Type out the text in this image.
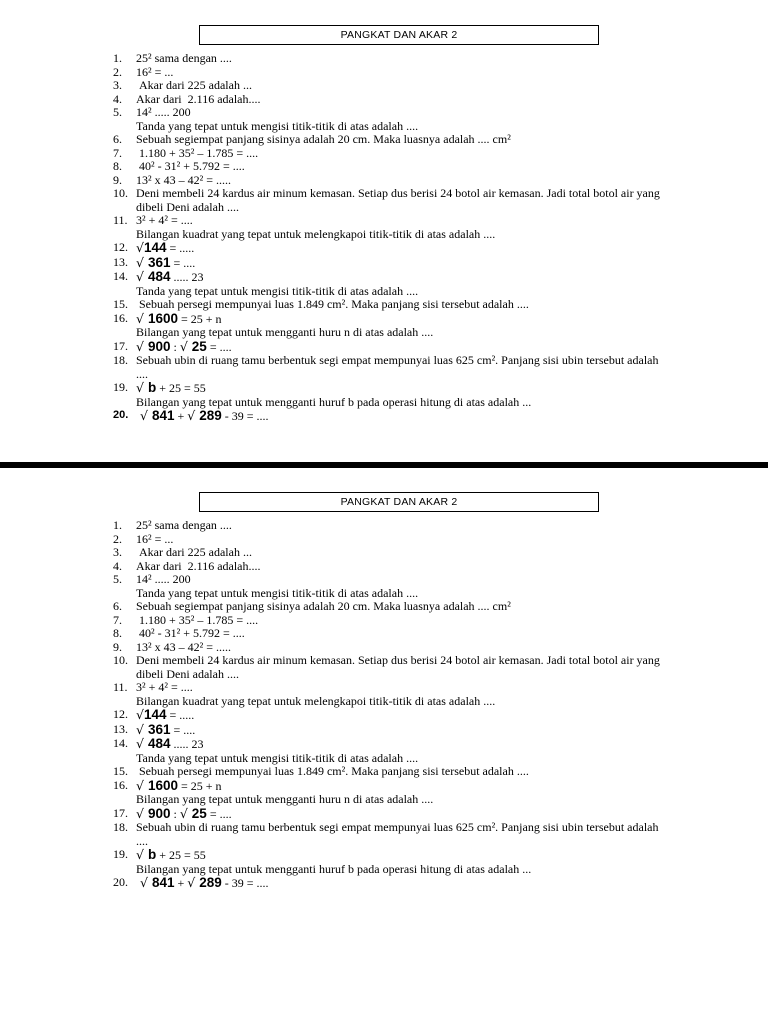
PANGKAT DAN AKAR 2
1. 25² sama dengan ....
2. 16² = ...
3. Akar dari 225 adalah ...
4. Akar dari  2.116 adalah....
5. 14² ..... 200
Tanda yang tepat untuk mengisi titik-titik di atas adalah ....
6. Sebuah segiempat panjang sisinya adalah 20 cm. Maka luasnya adalah .... cm²
7. 1.180 + 35² – 1.785 = ....
8. 40² - 31² + 5.792 = ....
9. 13² x 43 – 42² = .....
10. Deni membeli 24 kardus air minum kemasan. Setiap dus berisi 24 botol air kemasan. Jadi total botol air yang dibeli Deni adalah ....
11. 3² + 4² = ....
Bilangan kuadrat yang tepat untuk melengkapoi titik-titik di atas adalah ....
12. √144 = .....
13. √ 361 = ....
14. √ 484 ..... 23
Tanda yang tepat untuk mengisi titik-titik di atas adalah ....
15. Sebuah persegi mempunyai luas 1.849 cm². Maka panjang sisi tersebut adalah ....
16. √ 1600 = 25 + n
Bilangan yang tepat untuk mengganti huru n di atas adalah ....
17. √ 900 : √ 25 = ....
18. Sebuah ubin di ruang tamu berbentuk segi empat mempunyai luas 625 cm². Panjang sisi ubin tersebut adalah ....
19. √ b + 25 = 55
Bilangan yang tepat untuk mengganti huruf b pada operasi hitung di atas adalah ...
20. √ 841 + √ 289 - 39 = ....
PANGKAT DAN AKAR 2
1. 25² sama dengan ....
2. 16² = ...
3. Akar dari 225 adalah ...
4. Akar dari  2.116 adalah....
5. 14² ..... 200
Tanda yang tepat untuk mengisi titik-titik di atas adalah ....
6. Sebuah segiempat panjang sisinya adalah 20 cm. Maka luasnya adalah .... cm²
7. 1.180 + 35² – 1.785 = ....
8. 40² - 31² + 5.792 = ....
9. 13² x 43 – 42² = .....
10. Deni membeli 24 kardus air minum kemasan. Setiap dus berisi 24 botol air kemasan. Jadi total botol air yang dibeli Deni adalah ....
11. 3² + 4² = ....
Bilangan kuadrat yang tepat untuk melengkapoi titik-titik di atas adalah ....
12. √144 = .....
13. √ 361 = ....
14. √ 484 ..... 23
Tanda yang tepat untuk mengisi titik-titik di atas adalah ....
15. Sebuah persegi mempunyai luas 1.849 cm². Maka panjang sisi tersebut adalah ....
16. √ 1600 = 25 + n
Bilangan yang tepat untuk mengganti huru n di atas adalah ....
17. √ 900 : √ 25 = ....
18. Sebuah ubin di ruang tamu berbentuk segi empat mempunyai luas 625 cm². Panjang sisi ubin tersebut adalah ....
19. √ b + 25 = 55
Bilangan yang tepat untuk mengganti huruf b pada operasi hitung di atas adalah ...
20. √ 841 + √ 289 - 39 = ....
